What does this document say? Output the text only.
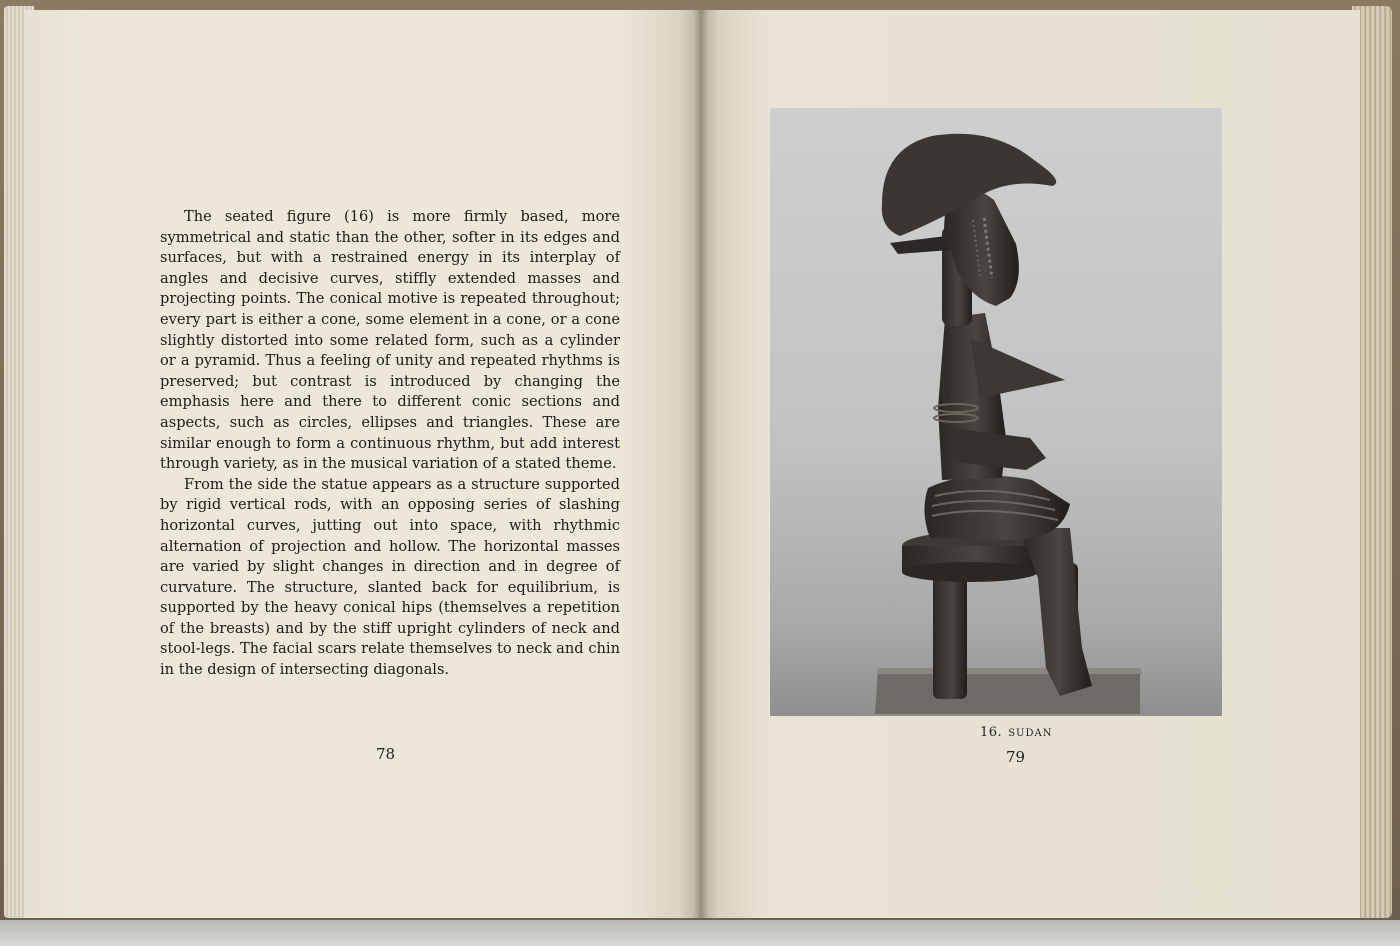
The seated figure (16) is more firmly based, more symmetrical and static than the other, softer in its edges and surfaces, but with a restrained energy in its interplay of angles and decisive curves, stiffly extended masses and projecting points. The conical motive is repeated throughout; every part is either a cone, some element in a cone, or a cone slightly distorted into some related form, such as a cylinder or a pyramid. Thus a feeling of unity and repeated rhythms is preserved; but contrast is introduced by changing the emphasis here and there to different conic sections and aspects, such as circles, ellipses and triangles. These are similar enough to form a continuous rhythm, but add interest through variety, as in the musical variation of a stated theme.

From the side the statue appears as a structure supported by rigid vertical rods, with an opposing series of slashing horizontal curves, jutting out into space, with rhythmic alternation of projection and hollow. The horizontal masses are varied by slight changes in direction and in degree of curvature. The structure, slanted back for equilibrium, is supported by the heavy conical hips (themselves a repetition of the breasts) and by the stiff upright cylinders of neck and stool-legs. The facial scars relate themselves to neck and chin in the design of intersecting diagonals.

78
16. SUDAN
79
